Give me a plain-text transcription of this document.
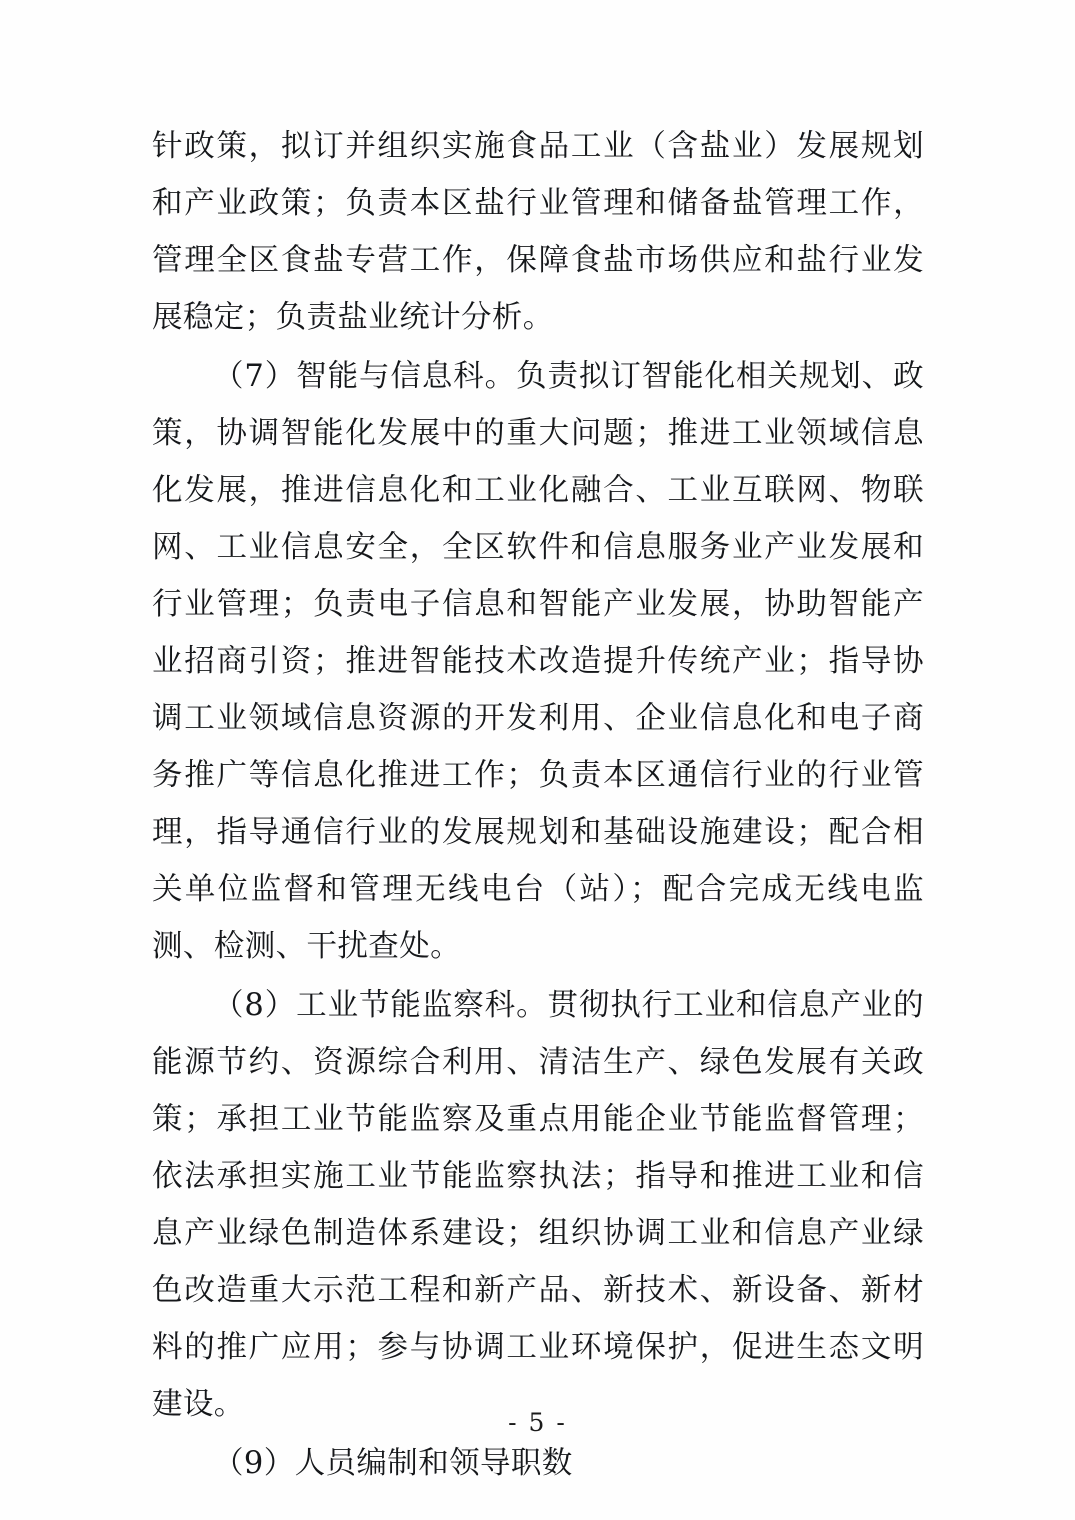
针政策，拟订并组织实施食品工业（含盐业）发展规划和产业政策；负责本区盐行业管理和储备盐管理工作，管理全区食盐专营工作，保障食盐市场供应和盐行业发展稳定；负责盐业统计分析。

（7）智能与信息科。负责拟订智能化相关规划、政策，协调智能化发展中的重大问题；推进工业领域信息化发展，推进信息化和工业化融合、工业互联网、物联网、工业信息安全，全区软件和信息服务业产业发展和行业管理；负责电子信息和智能产业发展，协助智能产业招商引资；推进智能技术改造提升传统产业；指导协调工业领域信息资源的开发利用、企业信息化和电子商务推广等信息化推进工作；负责本区通信行业的行业管理，指导通信行业的发展规划和基础设施建设；配合相关单位监督和管理无线电台（站）；配合完成无线电监测、检测、干扰查处。

（8）工业节能监察科。贯彻执行工业和信息产业的能源节约、资源综合利用、清洁生产、绿色发展有关政策；承担工业节能监察及重点用能企业节能监督管理；依法承担实施工业节能监察执法；指导和推进工业和信息产业绿色制造体系建设；组织协调工业和信息产业绿色改造重大示范工程和新产品、新技术、新设备、新材料的推广应用；参与协调工业环境保护，促进生态文明建设。

（9）人员编制和领导职数

- 5 -
